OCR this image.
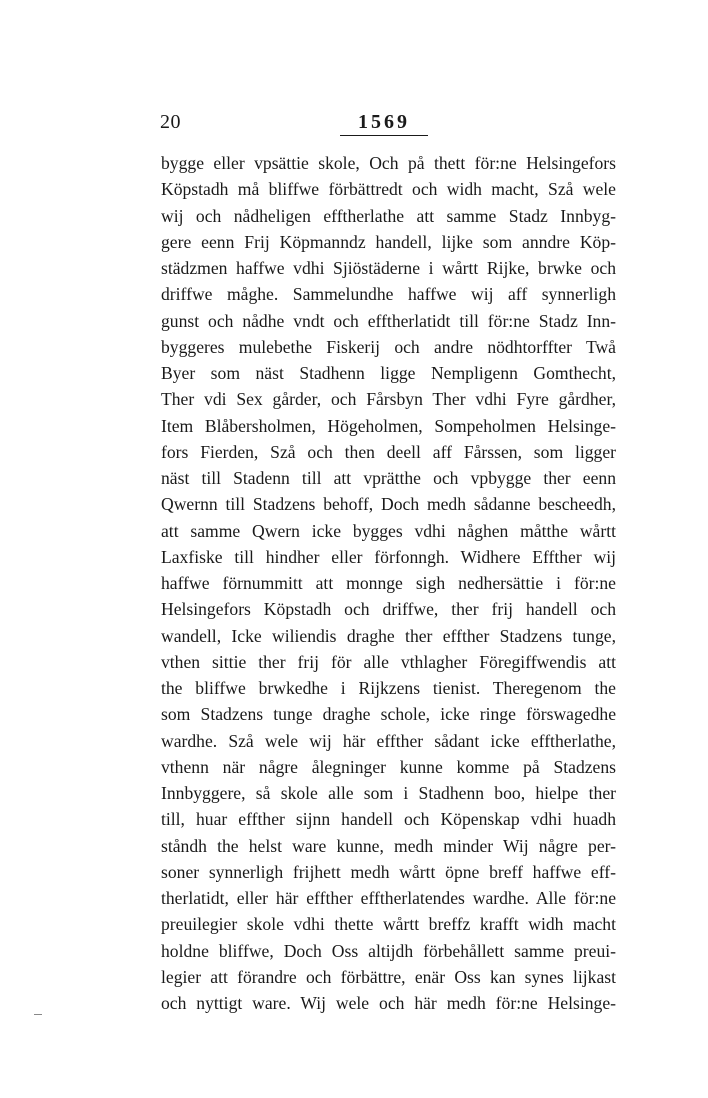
20	1569
bygge eller vpsättie skole, Och på thett för:ne Helsingefors
Köpstadh må bliffwe förbättredt och widh macht, Szå wele
wij och nådheligen efftherlathe att samme Stadz Innbyg-
gere eenn Frij Köpmanndz handell, lijke som anndre Köp-
städzmen haffwe vdhi Sjiöstäderne i wårtt Rijke, brwke och
driffwe måghe. Sammelundhe haffwe wij aff synnerligh
gunst och nådhe vndt och efftherlatidt till för:ne Stadz Inn-
byggeres mulebethe Fiskerij och andre nödhtorffter Twå
Byer som näst Stadhenn ligge Nempligenn Gomthecht,
Ther vdi Sex gårder, och Fårsbyn Ther vdhi Fyre gårdher,
Item Blåbersholmen, Högeholmen, Sompeholmen Helsinge-
fors Fierden, Szå och then deell aff Fårssen, som ligger
näst till Stadenn till att vprätthe och vpbygge ther eenn
Qwernn till Stadzens behoff, Doch medh sådanne bescheedh,
att samme Qwern icke bygges vdhi någhen måtthe wårtt
Laxfiske till hindher eller förfonngh. Widhere Effther wij
haffwe förnummitt att monnge sigh nedhersättie i för:ne
Helsingefors Köpstadh och driffwe, ther frij handell och
wandell, Icke wiliendis draghe ther effther Stadzens tunge,
vthen sittie ther frij för alle vthlagher Föregiffwendis att
the bliffwe brwkedhe i Rijkzens tienist. Theregenom the
som Stadzens tunge draghe schole, icke ringe förswagedhe
wardhe. Szå wele wij här effther sådant icke efftherlathe,
vthenn när någre ålegninger kunne komme på Stadzens
Innbyggere, så skole alle som i Stadhenn boo, hielpe ther
till, huar effther sijnn handell och Köpenskap vdhi huadh
ståndh the helst ware kunne, medh minder Wij någre per-
soner synnerligh frijhett medh wårtt öpne breff haffwe eff-
therlatidt, eller här effther efftherlatendes wardhe. Alle för:ne
preuilegier skole vdhi thette wårtt breffz krafft widh macht
holdne bliffwe, Doch Oss altijdh förbehållett samme preui-
legier att förandre och förbättre, enär Oss kan synes lijkast
och nyttigt ware. Wij wele och här medh för:ne Helsinge-
